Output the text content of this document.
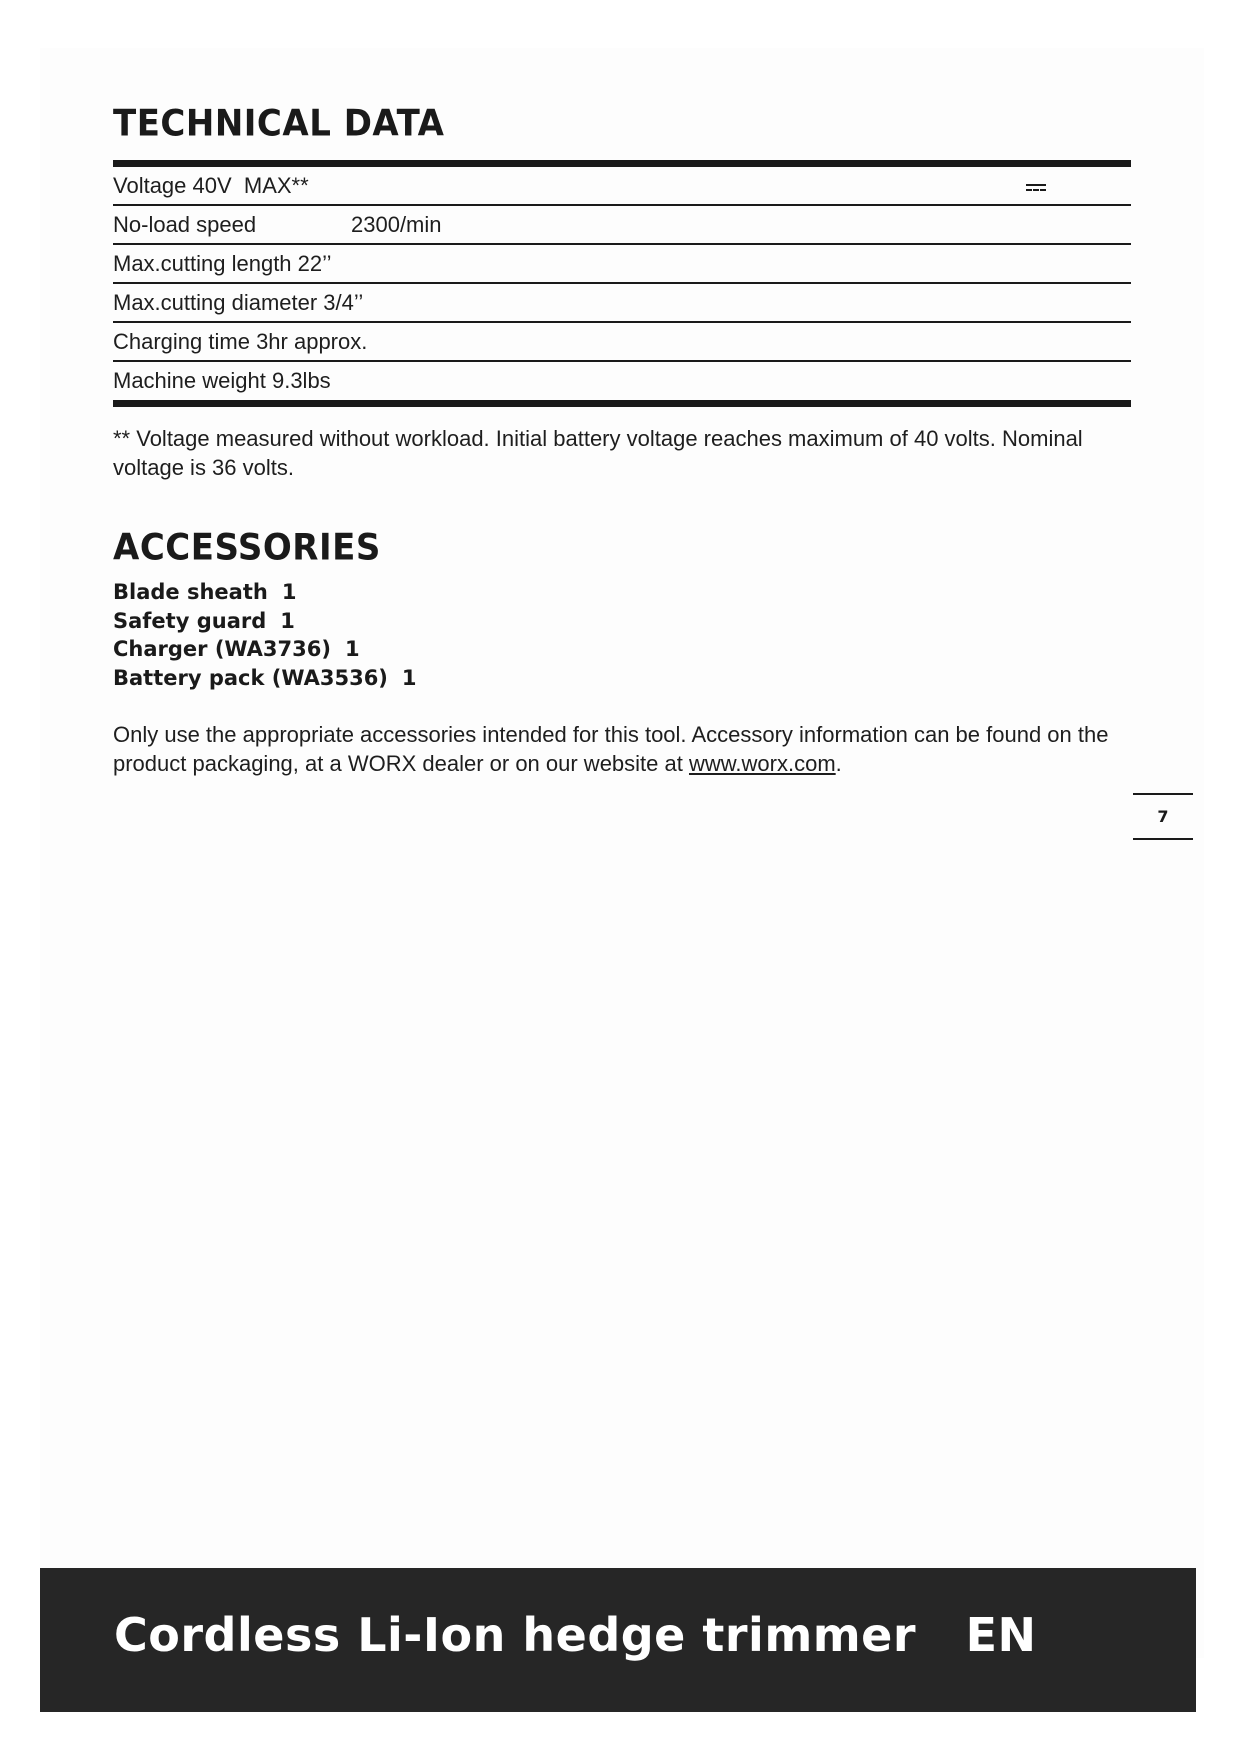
TECHNICAL DATA
Voltage 40V  MAX**
No-load speed	2300/min
Max.cutting length 22’’
Max.cutting diameter 3/4’’
Charging time 3hr approx.
Machine weight 9.3lbs

** Voltage measured without workload. Initial battery voltage reaches maximum of 40 volts. Nominal voltage is 36 volts.

ACCESSORIES
Blade sheath 1
Safety guard 1
Charger (WA3736) 1
Battery pack (WA3536) 1

Only use the appropriate accessories intended for this tool. Accessory information can be found on the product packaging, at a WORX dealer or on our website at www.worx.com.

7
Cordless Li-Ion hedge trimmer   EN
